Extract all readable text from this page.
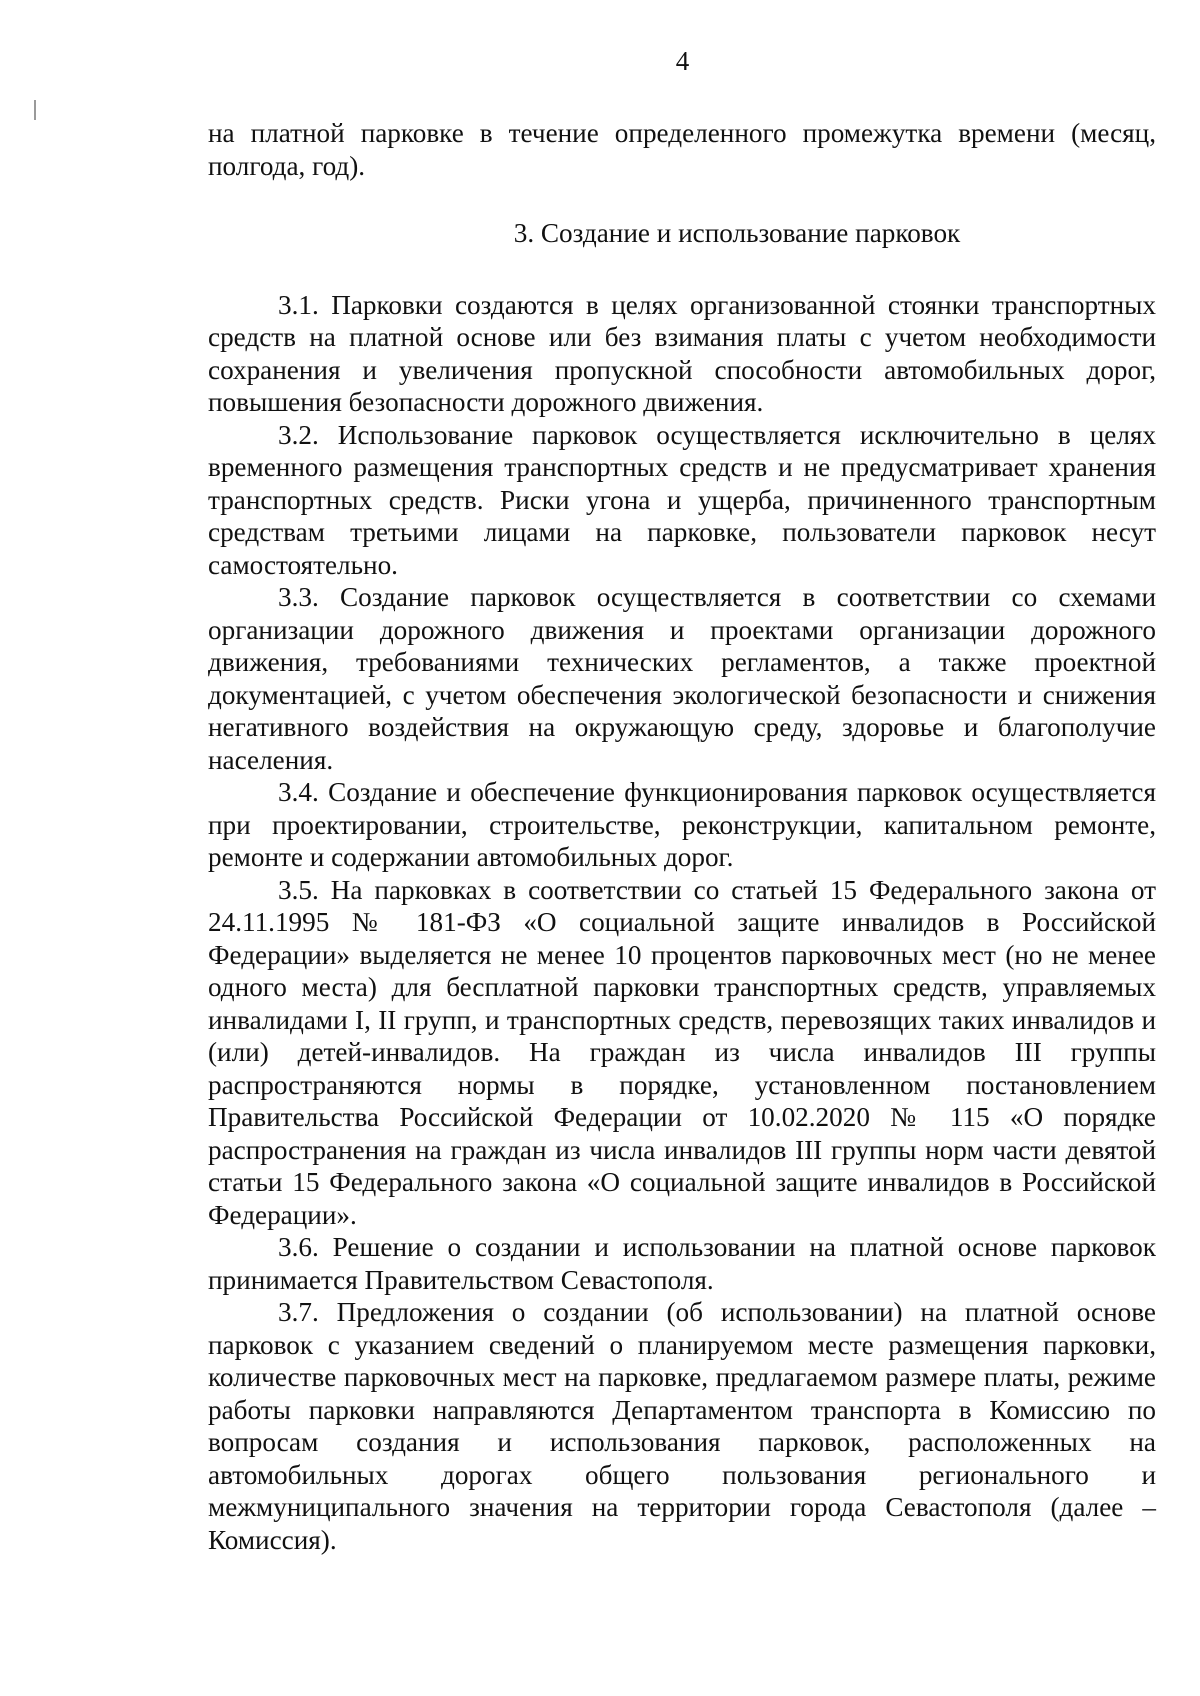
4

на платной парковке в течение определенного промежутка времени (месяц, полгода, год).

3. Создание и использование парковок

3.1. Парковки создаются в целях организованной стоянки транспортных средств на платной основе или без взимания платы с учетом необходимости сохранения и увеличения пропускной способности автомобильных дорог, повышения безопасности дорожного движения.

3.2. Использование парковок осуществляется исключительно в целях временного размещения транспортных средств и не предусматривает хранения транспортных средств. Риски угона и ущерба, причиненного транспортным средствам третьими лицами на парковке, пользователи парковок несут самостоятельно.

3.3. Создание парковок осуществляется в соответствии со схемами организации дорожного движения и проектами организации дорожного движения, требованиями технических регламентов, а также проектной документацией, с учетом обеспечения экологической безопасности и снижения негативного воздействия на окружающую среду, здоровье и благополучие населения.

3.4. Создание и обеспечение функционирования парковок осуществляется при проектировании, строительстве, реконструкции, капитальном ремонте, ремонте и содержании автомобильных дорог.

3.5. На парковках в соответствии со статьей 15 Федерального закона от 24.11.1995 № 181-ФЗ «О социальной защите инвалидов в Российской Федерации» выделяется не менее 10 процентов парковочных мест (но не менее одного места) для бесплатной парковки транспортных средств, управляемых инвалидами I, II групп, и транспортных средств, перевозящих таких инвалидов и (или) детей-инвалидов. На граждан из числа инвалидов III группы распространяются нормы в порядке, установленном постановлением Правительства Российской Федерации от 10.02.2020 № 115 «О порядке распространения на граждан из числа инвалидов III группы норм части девятой статьи 15 Федерального закона «О социальной защите инвалидов в Российской Федерации».

3.6. Решение о создании и использовании на платной основе парковок принимается Правительством Севастополя.

3.7. Предложения о создании (об использовании) на платной основе парковок с указанием сведений о планируемом месте размещения парковки, количестве парковочных мест на парковке, предлагаемом размере платы, режиме работы парковки направляются Департаментом транспорта в Комиссию по вопросам создания и использования парковок, расположенных на автомобильных дорогах общего пользования регионального и межмуниципального значения на территории города Севастополя (далее – Комиссия).
